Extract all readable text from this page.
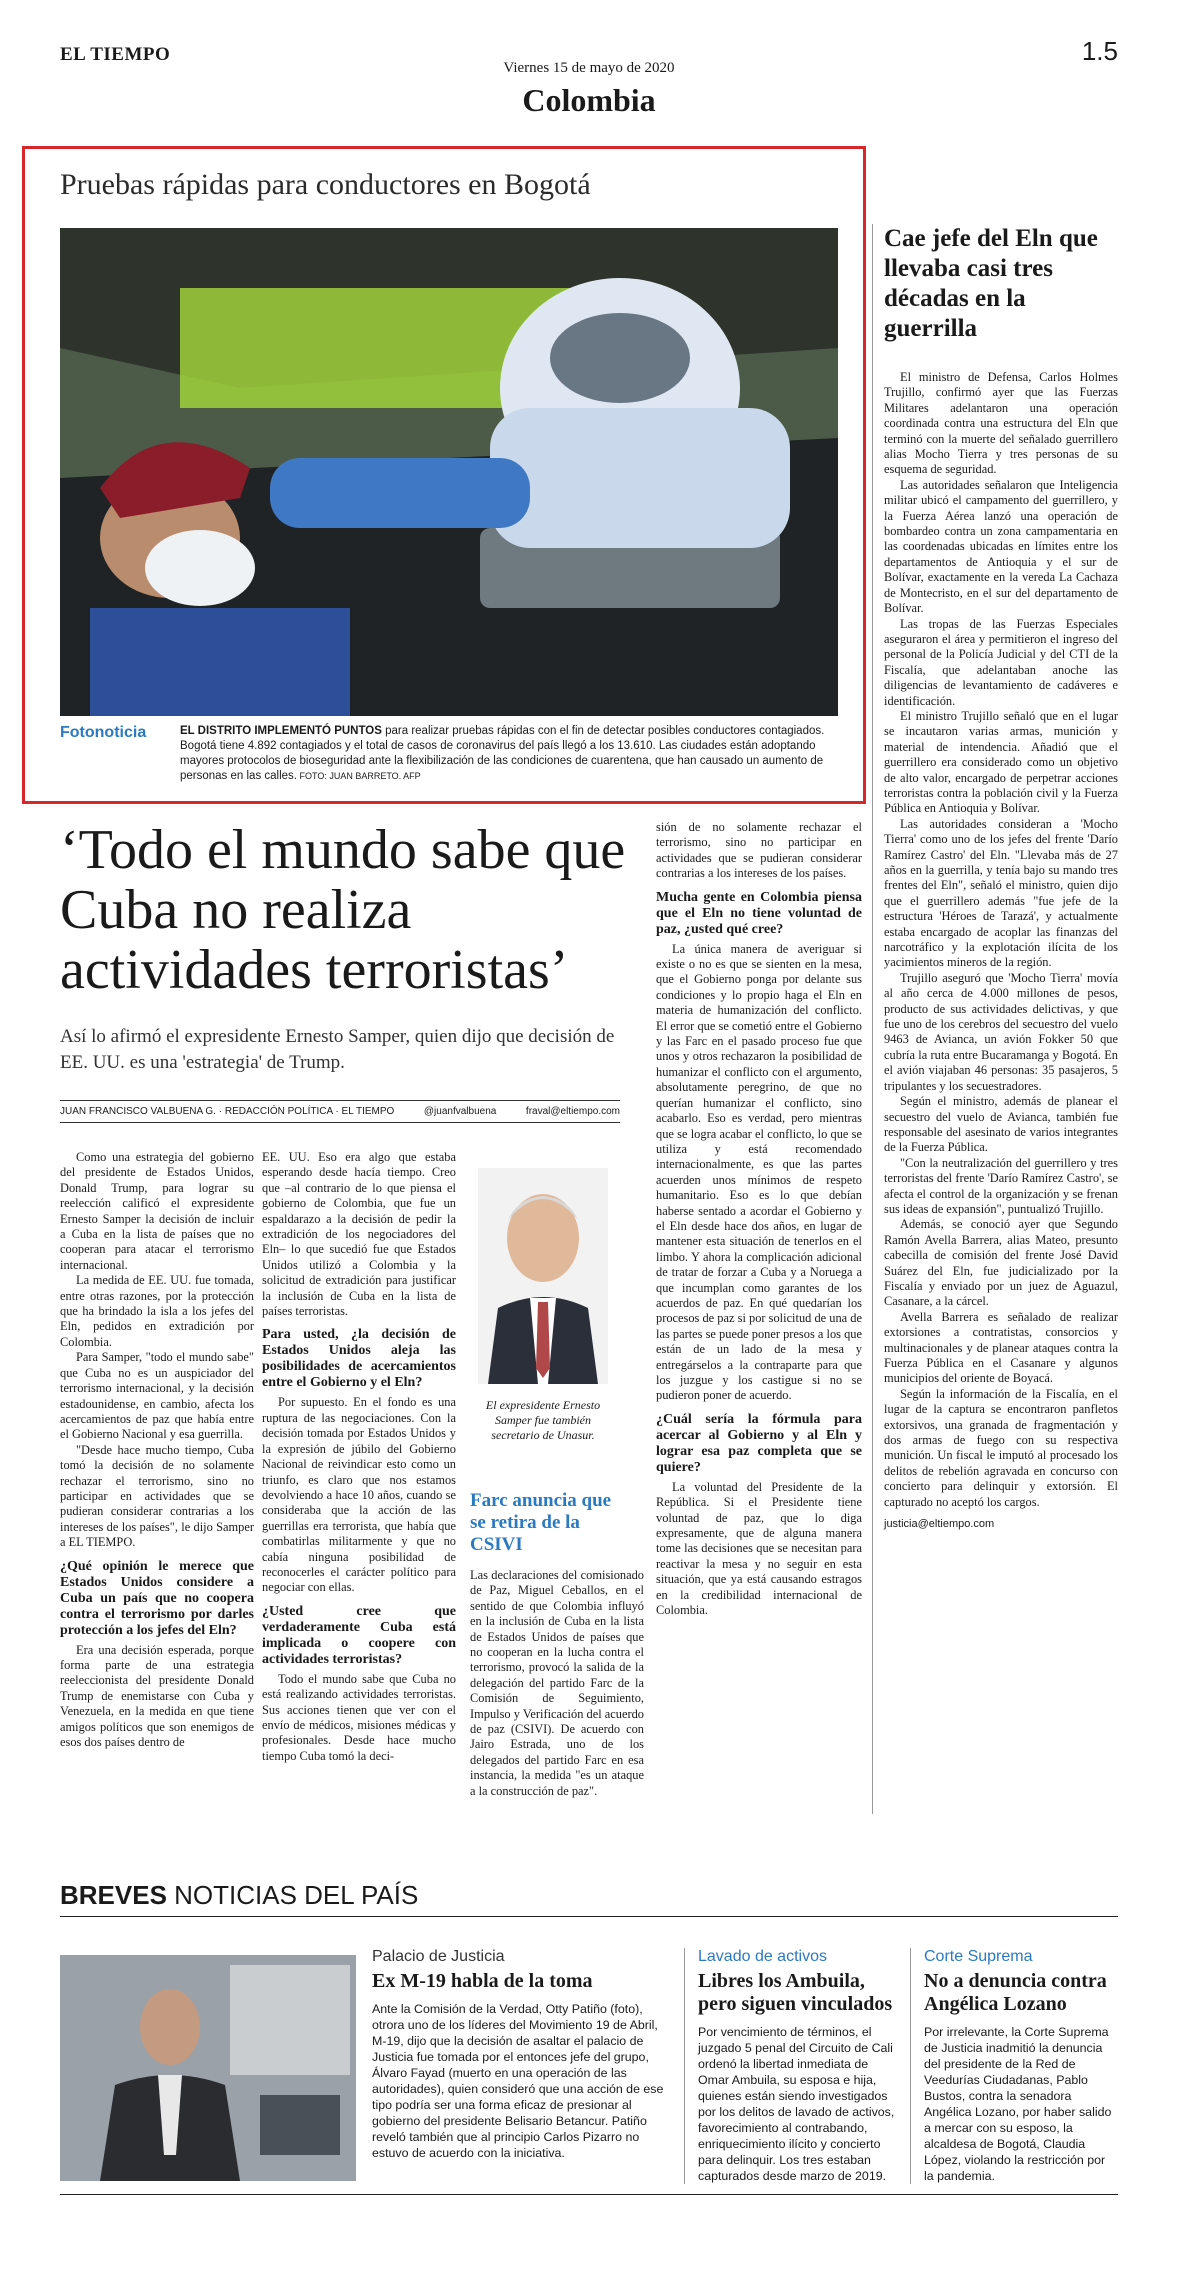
EL TIEMPO	1.5
Viernes 15 de mayo de 2020
Colombia
Pruebas rápidas para conductores en Bogotá
Fotonoticia	EL DISTRITO IMPLEMENTÓ PUNTOS para realizar pruebas rápidas con el fin de detectar posibles conductores contagiados. Bogotá tiene 4.892 contagiados y el total de casos de coronavirus del país llegó a los 13.610. Las ciudades están adoptando mayores protocolos de bioseguridad ante la flexibilización de las condiciones de cuarentena, que han causado un aumento de personas en las calles. FOTO: JUAN BARRETO. AFP
Cae jefe del Eln que llevaba casi tres décadas en la guerrilla

El ministro de Defensa, Carlos Holmes Trujillo, confirmó ayer que las Fuerzas Militares adelantaron una operación coordinada contra una estructura del Eln que terminó con la muerte del señalado guerrillero alias Mocho Tierra y tres personas de su esquema de seguridad.

Las autoridades señalaron que Inteligencia militar ubicó el campamento del guerrillero, y la Fuerza Aérea lanzó una operación de bombardeo contra un zona campamentaria en las coordenadas ubicadas en límites entre los departamentos de Antioquia y el sur de Bolívar, exactamente en la vereda La Cachaza de Montecristo, en el sur del departamento de Bolívar.

Las tropas de las Fuerzas Especiales aseguraron el área y permitieron el ingreso del personal de la Policía Judicial y del CTI de la Fiscalía, que adelantaban anoche las diligencias de levantamiento de cadáveres e identificación.

El ministro Trujillo señaló que en el lugar se incautaron varias armas, munición y material de intendencia. Añadió que el guerrillero era considerado como un objetivo de alto valor, encargado de perpetrar acciones terroristas contra la población civil y la Fuerza Pública en Antioquia y Bolívar.

Las autoridades consideran a 'Mocho Tierra' como uno de los jefes del frente 'Darío Ramírez Castro' del Eln. "Llevaba más de 27 años en la guerrilla, y tenía bajo su mando tres frentes del Eln", señaló el ministro, quien dijo que el guerrillero además "fue jefe de la estructura 'Héroes de Tarazá', y actualmente estaba encargado de acoplar las finanzas del narcotráfico y la explotación ilícita de los yacimientos mineros de la región.

Trujillo aseguró que 'Mocho Tierra' movía al año cerca de 4.000 millones de pesos, producto de sus actividades delictivas, y que fue uno de los cerebros del secuestro del vuelo 9463 de Avianca, un avión Fokker 50 que cubría la ruta entre Bucaramanga y Bogotá. En el avión viajaban 46 personas: 35 pasajeros, 5 tripulantes y los secuestradores.

Según el ministro, además de planear el secuestro del vuelo de Avianca, también fue responsable del asesinato de varios integrantes de la Fuerza Pública.

"Con la neutralización del guerrillero y tres terroristas del frente 'Darío Ramírez Castro', se afecta el control de la organización y se frenan sus ideas de expansión", puntualizó Trujillo.

Además, se conoció ayer que Segundo Ramón Avella Barrera, alias Mateo, presunto cabecilla de comisión del frente José David Suárez del Eln, fue judicializado por la Fiscalía y enviado por un juez de Aguazul, Casanare, a la cárcel.

Avella Barrera es señalado de realizar extorsiones a contratistas, consorcios y multinacionales y de planear ataques contra la Fuerza Pública en el Casanare y algunos municipios del oriente de Boyacá.

Según la información de la Fiscalía, en el lugar de la captura se encontraron panfletos extorsivos, una granada de fragmentación y dos armas de fuego con su respectiva munición. Un fiscal le imputó al procesado los delitos de rebelión agravada en concurso con concierto para delinquir y extorsión. El capturado no aceptó los cargos.

justicia@eltiempo.com
‘Todo el mundo sabe que Cuba no realiza actividades terroristas’
Así lo afirmó el expresidente Ernesto Samper, quien dijo que decisión de EE. UU. es una 'estrategia' de Trump.
JUAN FRANCISCO VALBUENA G. · REDACCIÓN POLÍTICA · EL TIEMPO	@juanfvalbuena	fraval@eltiempo.com

Como una estrategia del gobierno del presidente de Estados Unidos, Donald Trump, para lograr su reelección calificó el expresidente Ernesto Samper la decisión de incluir a Cuba en la lista de países que no cooperan para atacar el terrorismo internacional.

La medida de EE. UU. fue tomada, entre otras razones, por la protección que ha brindado la isla a los jefes del Eln, pedidos en extradición por Colombia.

Para Samper, "todo el mundo sabe" que Cuba no es un auspiciador del terrorismo internacional, y la decisión estadounidense, en cambio, afecta los acercamientos de paz que había entre el Gobierno Nacional y esa guerrilla.

"Desde hace mucho tiempo, Cuba tomó la decisión de no solamente rechazar el terrorismo, sino no participar en actividades que se pudieran considerar contrarias a los intereses de los países", le dijo Samper a EL TIEMPO.

¿Qué opinión le merece que Estados Unidos considere a Cuba un país que no coopera contra el terrorismo por darles protección a los jefes del Eln?

Era una decisión esperada, porque forma parte de una estrategia reeleccionista del presidente Donald Trump de enemistarse con Cuba y Venezuela, en la medida en que tiene amigos políticos que son enemigos de esos dos países dentro de

EE. UU. Eso era algo que estaba esperando desde hacía tiempo. Creo que –al contrario de lo que piensa el gobierno de Colombia, que fue un espaldarazo a la decisión de pedir la extradición de los negociadores del Eln– lo que sucedió fue que Estados Unidos utilizó a Colombia y la solicitud de extradición para justificar la inclusión de Cuba en la lista de países terroristas.

Para usted, ¿la decisión de Estados Unidos aleja las posibilidades de acercamientos entre el Gobierno y el Eln?

Por supuesto. En el fondo es una ruptura de las negociaciones. Con la decisión tomada por Estados Unidos y la expresión de júbilo del Gobierno Nacional de reivindicar esto como un triunfo, es claro que nos estamos devolviendo a hace 10 años, cuando se consideraba que la acción de las guerrillas era terrorista, que había que combatirlas militarmente y que no cabía ninguna posibilidad de reconocerles el carácter político para negociar con ellas.

¿Usted cree que verdaderamente Cuba está implicada o coopere con actividades terroristas?

Todo el mundo sabe que Cuba no está realizando actividades terroristas. Sus acciones tienen que ver con el envío de médicos, misiones médicas y profesionales. Desde hace mucho tiempo Cuba tomó la deci-

El expresidente Ernesto Samper fue también secretario de Unasur.
Farc anuncia que se retira de la CSIVI

Las declaraciones del comisionado de Paz, Miguel Ceballos, en el sentido de que Colombia influyó en la inclusión de Cuba en la lista de Estados Unidos de países que no cooperan en la lucha contra el terrorismo, provocó la salida de la delegación del partido Farc de la Comisión de Seguimiento, Impulso y Verificación del acuerdo de paz (CSIVI). De acuerdo con Jairo Estrada, uno de los delegados del partido Farc en esa instancia, la medida "es un ataque a la construcción de paz".

sión de no solamente rechazar el terrorismo, sino no participar en actividades que se pudieran considerar contrarias a los intereses de los países.

Mucha gente en Colombia piensa que el Eln no tiene voluntad de paz, ¿usted qué cree?

La única manera de averiguar si existe o no es que se sienten en la mesa, que el Gobierno ponga por delante sus condiciones y lo propio haga el Eln en materia de humanización del conflicto. El error que se cometió entre el Gobierno y las Farc en el pasado proceso fue que unos y otros rechazaron la posibilidad de humanizar el conflicto con el argumento, absolutamente peregrino, de que no querían humanizar el conflicto, sino acabarlo. Eso es verdad, pero mientras que se logra acabar el conflicto, lo que se utiliza y está recomendado internacionalmente, es que las partes acuerden unos mínimos de respeto humanitario. Eso es lo que debían haberse sentado a acordar el Gobierno y el Eln desde hace dos años, en lugar de mantener esta situación de tenerlos en el limbo. Y ahora la complicación adicional de tratar de forzar a Cuba y a Noruega a que incumplan como garantes de los acuerdos de paz. En qué quedarían los procesos de paz si por solicitud de una de las partes se puede poner presos a los que están de un lado de la mesa y entregárselos a la contraparte para que los juzgue y los castigue si no se pudieron poner de acuerdo.

¿Cuál sería la fórmula para acercar al Gobierno y al Eln y lograr esa paz completa que se quiere?

La voluntad del Presidente de la República. Si el Presidente tiene voluntad de paz, que lo diga expresamente, que de alguna manera tome las decisiones que se necesitan para reactivar la mesa y no seguir en esta situación, que ya está causando estragos en la credibilidad internacional de Colombia.

BREVES NOTICIAS DEL PAÍS
Palacio de Justicia
Ex M-19 habla de la toma
Ante la Comisión de la Verdad, Otty Patiño (foto), otrora uno de los líderes del Movimiento 19 de Abril, M-19, dijo que la decisión de asaltar el palacio de Justicia fue tomada por el entonces jefe del grupo, Álvaro Fayad (muerto en una operación de las autoridades), quien consideró que una acción de ese tipo podría ser una forma eficaz de presionar al gobierno del presidente Belisario Betancur. Patiño reveló también que al principio Carlos Pizarro no estuvo de acuerdo con la iniciativa.
Lavado de activos
Libres los Ambuila, pero siguen vinculados
Por vencimiento de términos, el juzgado 5 penal del Circuito de Cali ordenó la libertad inmediata de Omar Ambuila, su esposa e hija, quienes están siendo investigados por los delitos de lavado de activos, favorecimiento al contrabando, enriquecimiento ilícito y concierto para delinquir. Los tres estaban capturados desde marzo de 2019.
Corte Suprema
No a denuncia contra Angélica Lozano
Por irrelevante, la Corte Suprema de Justicia inadmitió la denuncia del presidente de la Red de Veedurías Ciudadanas, Pablo Bustos, contra la senadora Angélica Lozano, por haber salido a mercar con su esposo, la alcaldesa de Bogotá, Claudia López, violando la restricción por la pandemia.
